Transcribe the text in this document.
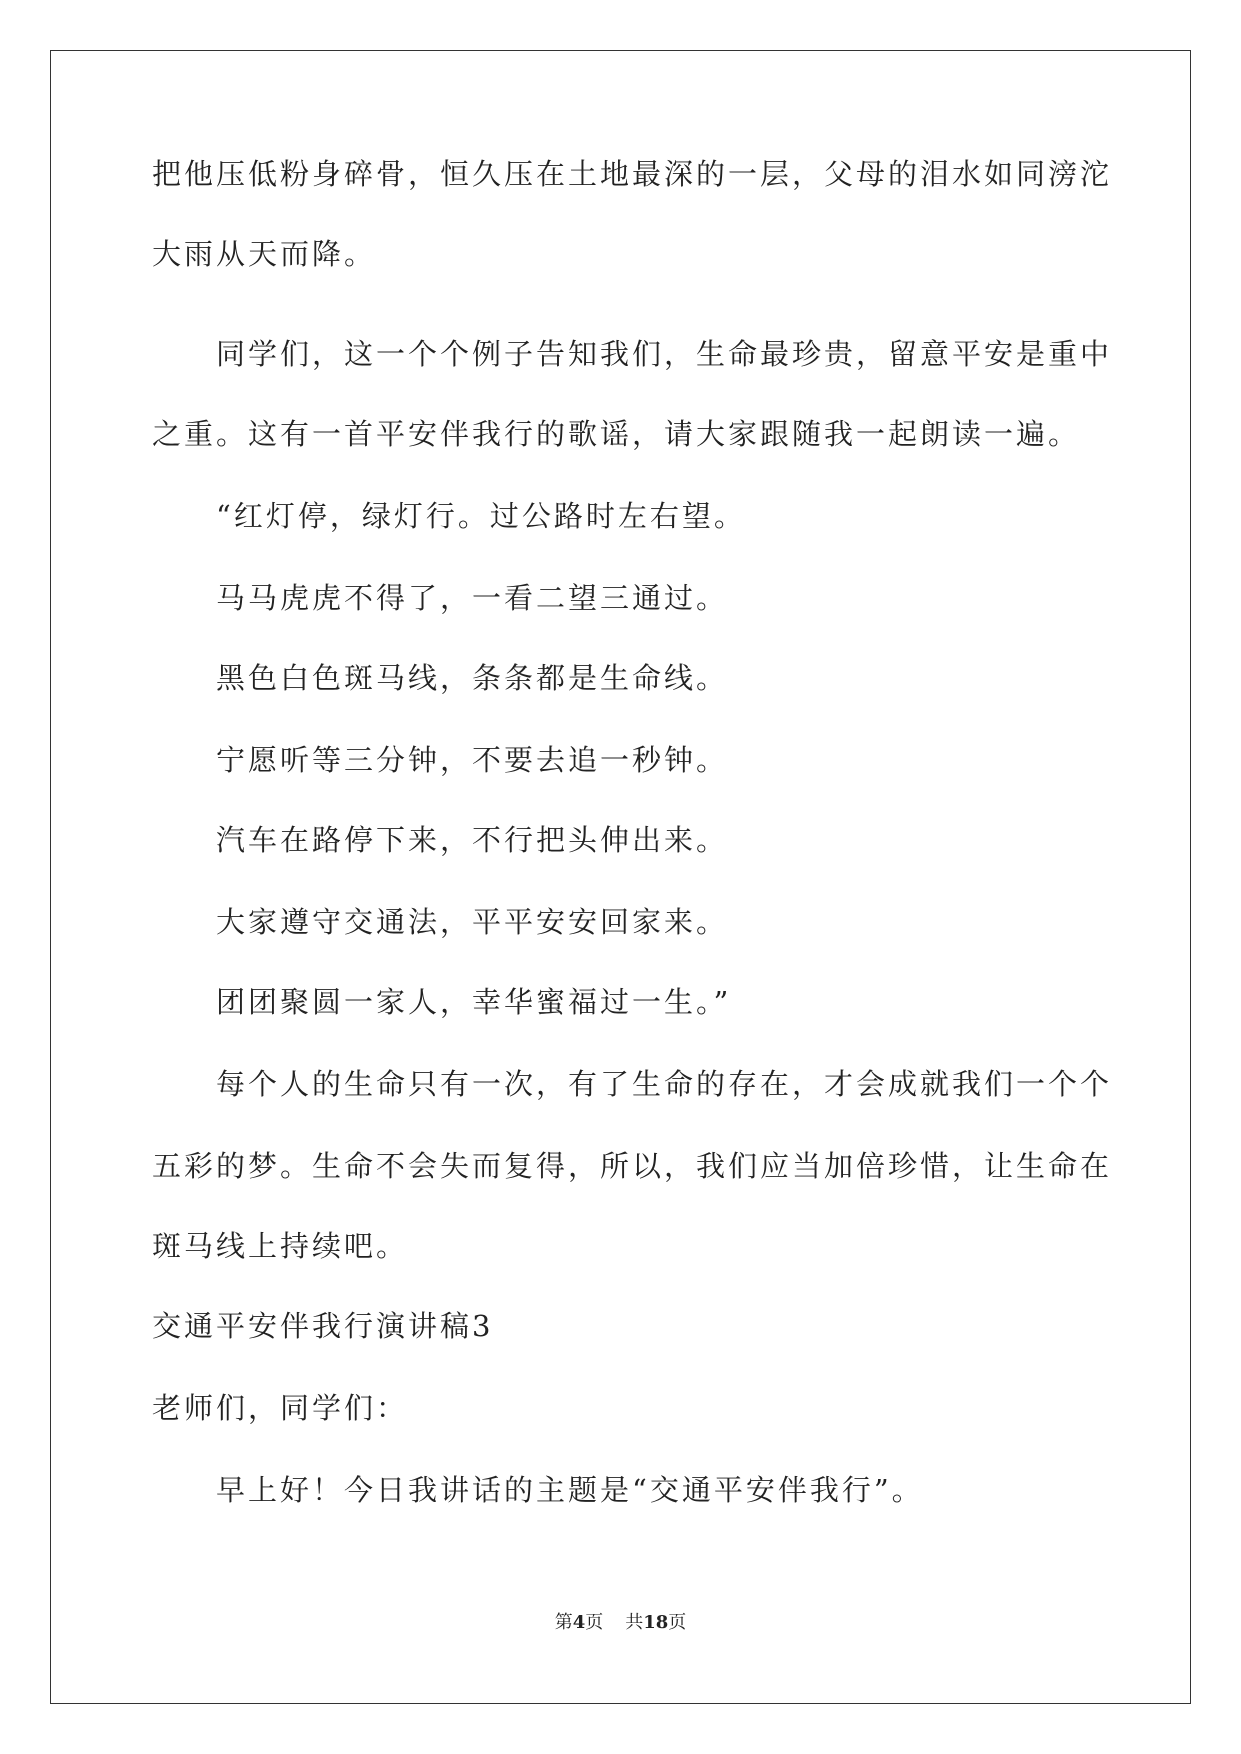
把他压低粉身碎骨，恒久压在土地最深的一层，父母的泪水如同滂沱
大雨从天而降。
同学们，这一个个例子告知我们，生命最珍贵，留意平安是重中
之重。这有一首平安伴我行的歌谣，请大家跟随我一起朗读一遍。
“红灯停，绿灯行。过公路时左右望。
马马虎虎不得了，一看二望三通过。
黑色白色斑马线，条条都是生命线。
宁愿听等三分钟，不要去追一秒钟。
汽车在路停下来，不行把头伸出来。
大家遵守交通法，平平安安回家来。
团团聚圆一家人，幸华蜜福过一生。”
每个人的生命只有一次，有了生命的存在，才会成就我们一个个
五彩的梦。生命不会失而复得，所以，我们应当加倍珍惜，让生命在
斑马线上持续吧。
交通平安伴我行演讲稿3
老师们，同学们：
早上好！今日我讲话的主题是“交通平安伴我行”。
第4页 共18页
